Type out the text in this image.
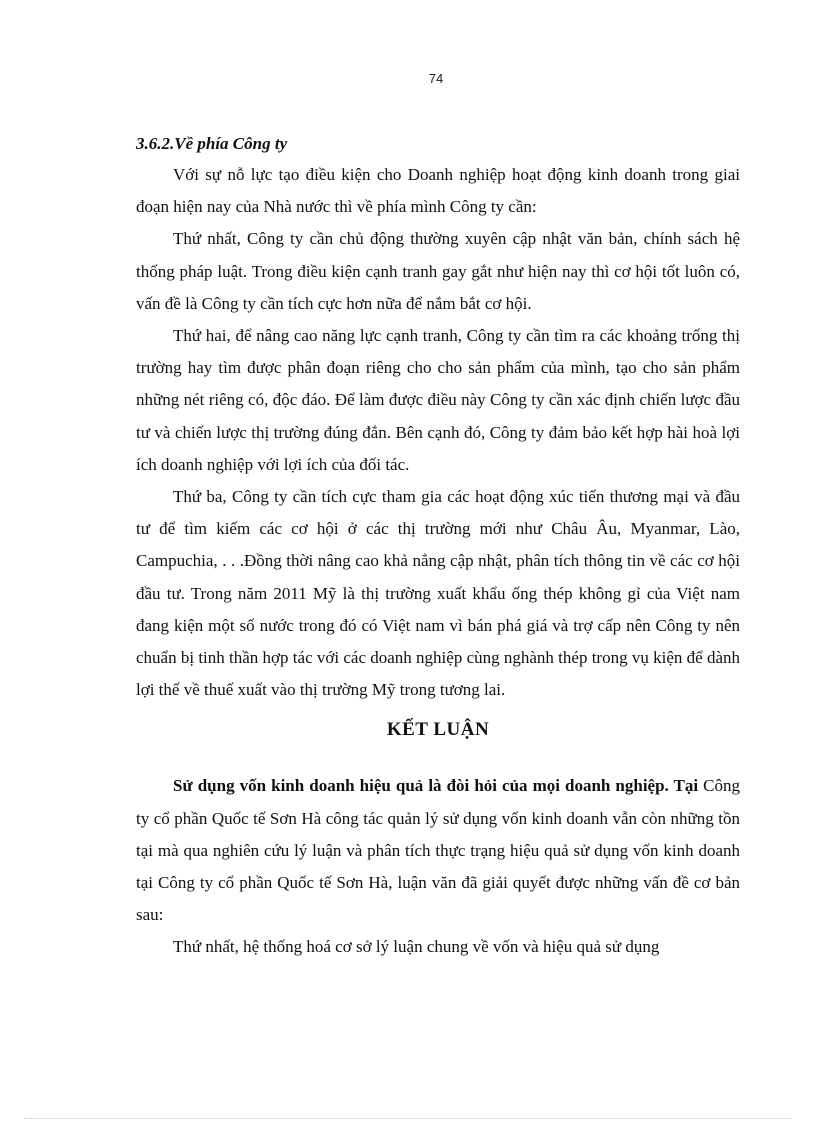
74
3.6.2.Về phía Công ty

Với sự nỗ lực tạo điều kiện cho Doanh nghiệp hoạt động kinh doanh trong giai đoạn hiện nay của Nhà nước thì về phía mình Công ty cần:

Thứ nhất, Công ty cần chủ động thường xuyên cập nhật văn bản, chính sách hệ thống pháp luật. Trong điều kiện cạnh tranh gay gắt như hiện nay thì cơ hội tốt luôn có, vấn đề là Công ty cần tích cực hơn nữa để nắm bắt cơ hội.

Thứ hai, để nâng cao năng lực cạnh tranh, Công ty cần tìm ra các khoảng trống thị trường hay tìm được phân đoạn riêng cho cho sản phẩm của mình, tạo cho sản phẩm những nét riêng có, độc đáo. Để làm được điều này Công ty cần xác định chiến lược đầu tư và chiến lược thị trường đúng đắn. Bên cạnh đó, Công ty đảm bảo kết hợp hài hoà lợi ích doanh nghiệp với lợi ích của đối tác.

Thứ ba, Công ty cần tích cực tham gia các hoạt động xúc tiến thương mại và đầu tư để tìm kiếm các cơ hội ở các thị trường mới như Châu Âu, Myanmar, Lào, Campuchia, . . .Đồng thời nâng cao khả nẳng cập nhật, phân tích thông tin về các cơ hội đầu tư. Trong năm 2011 Mỹ là thị trường xuất khẩu ống thép không gỉ của Việt nam đang kiện một số nước trong đó có Việt nam vì bán phá giá và trợ cấp nên Công ty nên chuẩn bị tinh thần hợp tác với các doanh nghiệp cùng nghành thép trong vụ kiện để dành lợi thế về thuế xuất vào thị trường Mỹ trong tương lai.

KẾT LUẬN

Sử dụng vốn kinh doanh hiệu quả là đòi hỏi của mọi doanh nghiệp. Tại Công ty cổ phần Quốc tế Sơn Hà công tác quản lý sử dụng vốn kinh doanh vẫn còn những tồn tại mà qua nghiên cứu lý luận và phân tích thực trạng hiệu quả sử dụng vốn kinh doanh tại Công ty cổ phần Quốc tế Sơn Hà, luận văn đã giải quyết được những vấn đề cơ bản sau:

Thứ nhất, hệ thống hoá cơ sở lý luận chung về vốn và hiệu quả sử dụng
